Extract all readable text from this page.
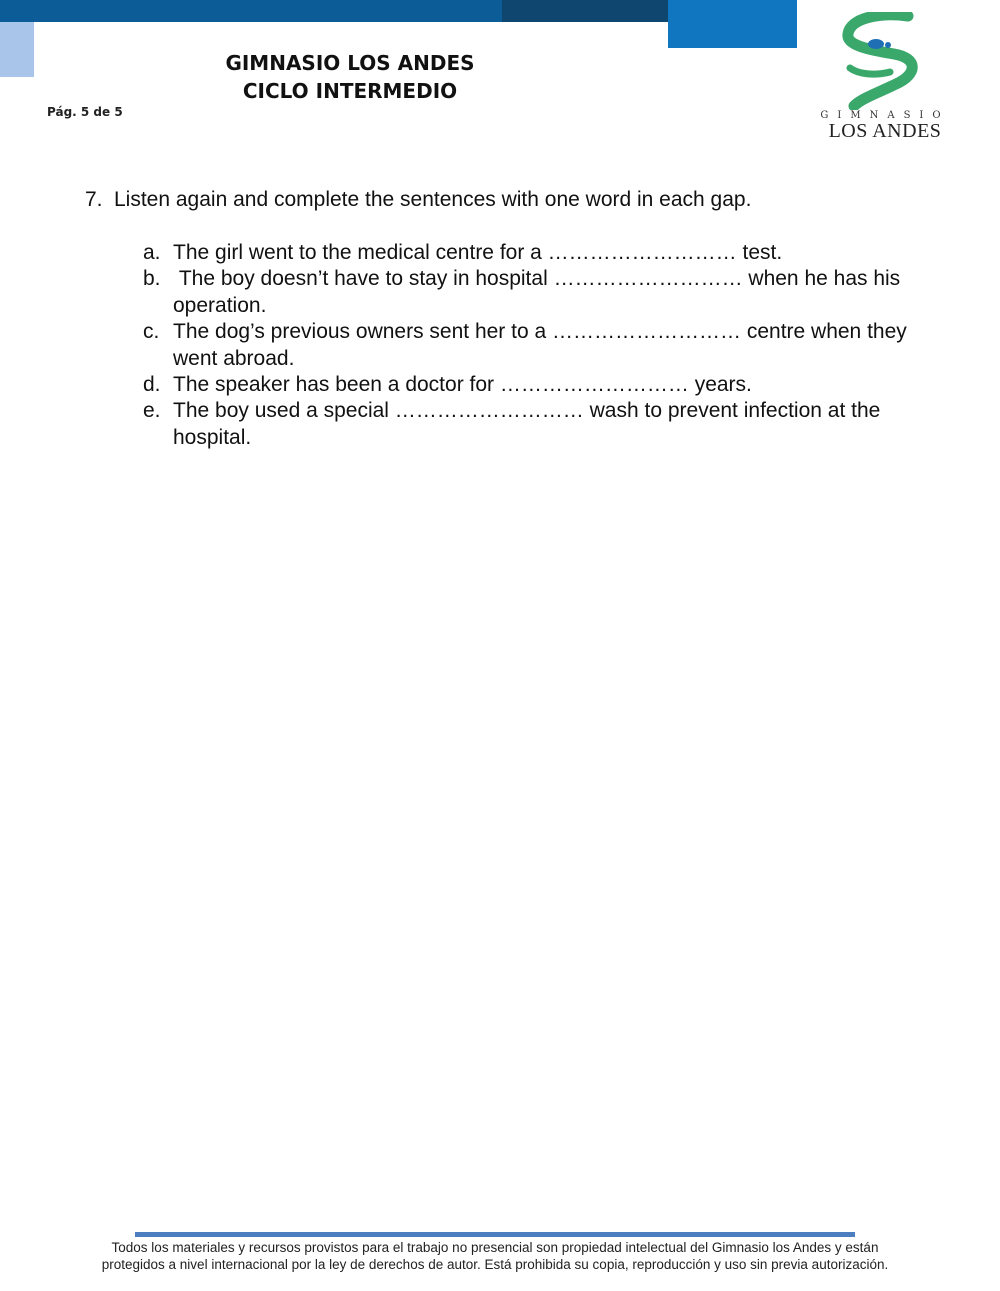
GIMNASIO LOS ANDES
CICLO INTERMEDIO
Pág. 5 de 5	GIMNASIO
LOS ANDES
7. Listen again and complete the sentences with one word in each gap.
a. The girl went to the medical centre for a ……………………… test.
b. The boy doesn’t have to stay in hospital ……………………… when he has his operation.
c. The dog’s previous owners sent her to a ……………………… centre when they went abroad.
d. The speaker has been a doctor for ……………………… years.
e. The boy used a special ……………………… wash to prevent infection at the hospital.
Todos los materiales y recursos provistos para el trabajo no presencial son propiedad intelectual del Gimnasio los Andes y están
protegidos a nivel internacional por la ley de derechos de autor. Está prohibida su copia, reproducción y uso sin previa autorización.
